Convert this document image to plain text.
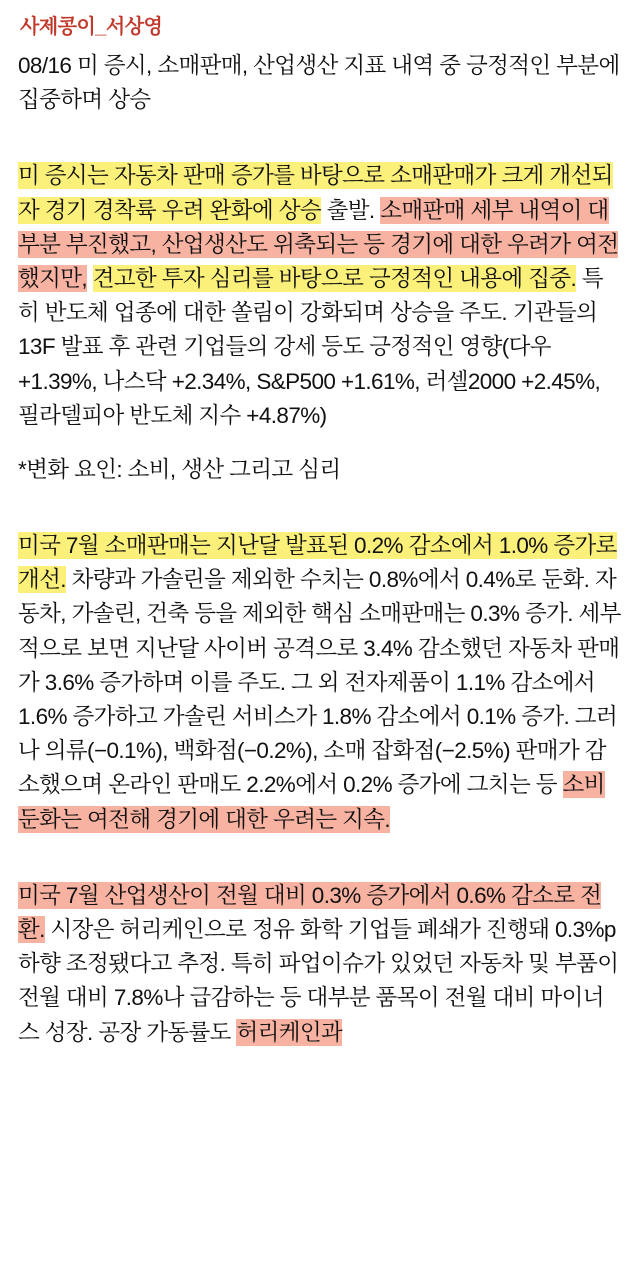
사제콩이_서상영

08/16 미 증시, 소매판매, 산업생산 지표 내역 중 긍정적인 부분에 집중하며 상승

미 증시는 자동차 판매 증가를 바탕으로 소매판매가 크게 개선되자 경기 경착륙 우려 완화에 상승 출발. 소매판매 세부 내역이 대부분 부진했고, 산업생산도 위축되는 등 경기에 대한 우려가 여전했지만, 견고한 투자 심리를 바탕으로 긍정적인 내용에 집중. 특히 반도체 업종에 대한 쏠림이 강화되며 상승을 주도. 기관들의 13F 발표 후 관련 기업들의 강세 등도 긍정적인 영향(다우 +1.39%, 나스닥 +2.34%, S&P500 +1.61%, 러셀2000 +2.45%, 필라델피아 반도체 지수 +4.87%)

*변화 요인: 소비, 생산 그리고 심리

미국 7월 소매판매는 지난달 발표된 0.2% 감소에서 1.0% 증가로 개선. 차량과 가솔린을 제외한 수치는 0.8%에서 0.4%로 둔화. 자동차, 가솔린, 건축 등을 제외한 핵심 소매판매는 0.3% 증가. 세부적으로 보면 지난달 사이버 공격으로 3.4% 감소했던 자동차 판매가 3.6% 증가하며 이를 주도. 그 외 전자제품이 1.1% 감소에서 1.6% 증가하고 가솔린 서비스가 1.8% 감소에서 0.1% 증가. 그러나 의류(−0.1%), 백화점(−0.2%), 소매 잡화점(−2.5%) 판매가 감소했으며 온라인 판매도 2.2%에서 0.2% 증가에 그치는 등 소비 둔화는 여전해 경기에 대한 우려는 지속.

미국 7월 산업생산이 전월 대비 0.3% 증가에서 0.6% 감소로 전환. 시장은 허리케인으로 정유 화학 기업들 폐쇄가 진행돼 0.3%p 하향 조정됐다고 추정. 특히 파업이슈가 있었던 자동차 및 부품이 전월 대비 7.8%나 급감하는 등 대부분 품목이 전월 대비 마이너스 성장. 공장 가동률도 허리케인과
